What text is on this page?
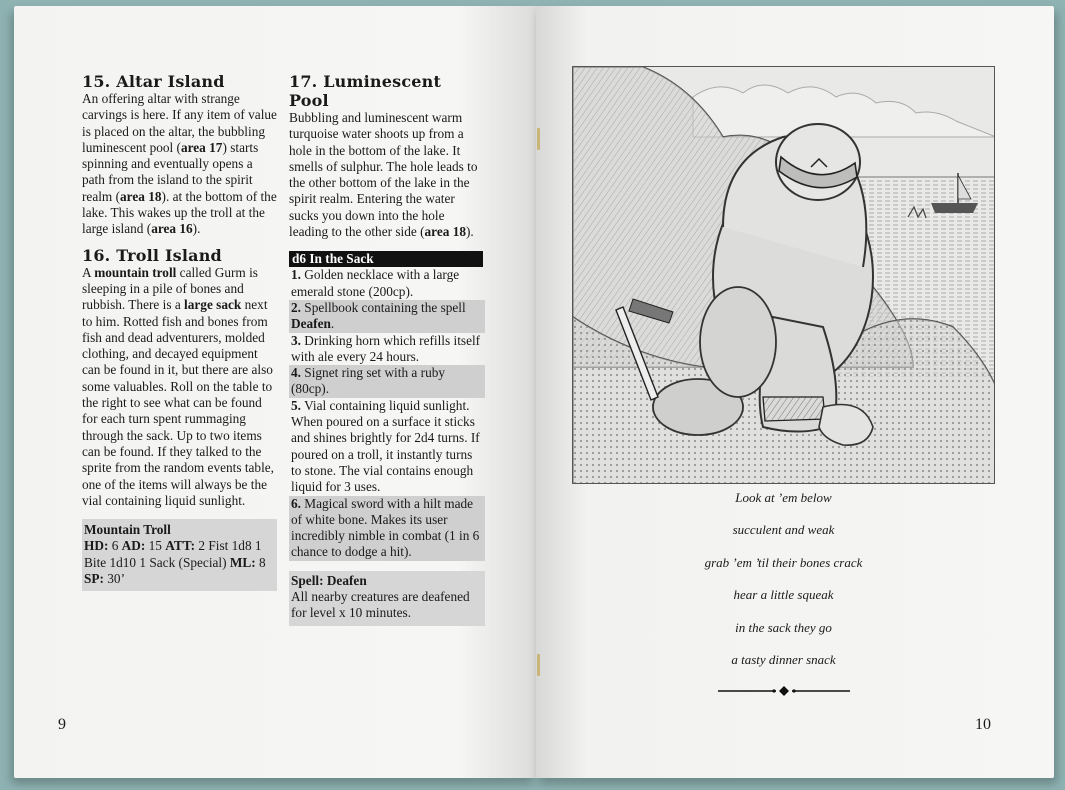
15. Altar Island

An offering altar with strange carvings is here. If any item of value is placed on the altar, the bubbling luminescent pool (area 17) starts spinning and eventually opens a path from the island to the spirit realm (area 18). at the bottom of the lake. This wakes up the troll at the large island (area 16).

16. Troll Island

A mountain troll called Gurm is sleeping in a pile of bones and rubbish. There is a large sack next to him. Rotted fish and bones from fish and dead adventurers, molded clothing, and decayed equipment can be found in it, but there are also some valuables. Roll on the table to the right to see what can be found for each turn spent rummaging through the sack. Up to two items can be found. If they talked to the sprite from the random events table, one of the items will always be the vial containing liquid sunlight.

Mountain Troll
HD: 6 AD: 15 ATT: 2 Fist 1d8 1 Bite 1d10 1 Sack (Special) ML: 8 SP: 30’
17. Luminescent Pool

Bubbling and luminescent warm turquoise water shoots up from a hole in the bottom of the lake. It smells of sulphur. The hole leads to the other bottom of the lake in the spirit realm. Entering the water sucks you down into the hole leading to the other side (area 18).

d6 In the Sack
1. Golden necklace with a large emerald stone (200cp).
2. Spellbook containing the spell Deafen.
3. Drinking horn which refills itself with ale every 24 hours.
4. Signet ring set with a ruby (80cp).
5. Vial containing liquid sunlight. When poured on a surface it sticks and shines brightly for 2d4 turns. If poured on a troll, it instantly turns to stone. The vial contains enough liquid for 3 uses.
6. Magical sword with a hilt made of white bone. Makes its user incredibly nimble in combat (1 in 6 chance to dodge a hit).
Spell: Deafen
All nearby creatures are deafened for level x 10 minutes.
9	10
Look at ’em below
succulent and weak
grab ’em ’til their bones crack
hear a little squeak
in the sack they go
a tasty dinner snack
